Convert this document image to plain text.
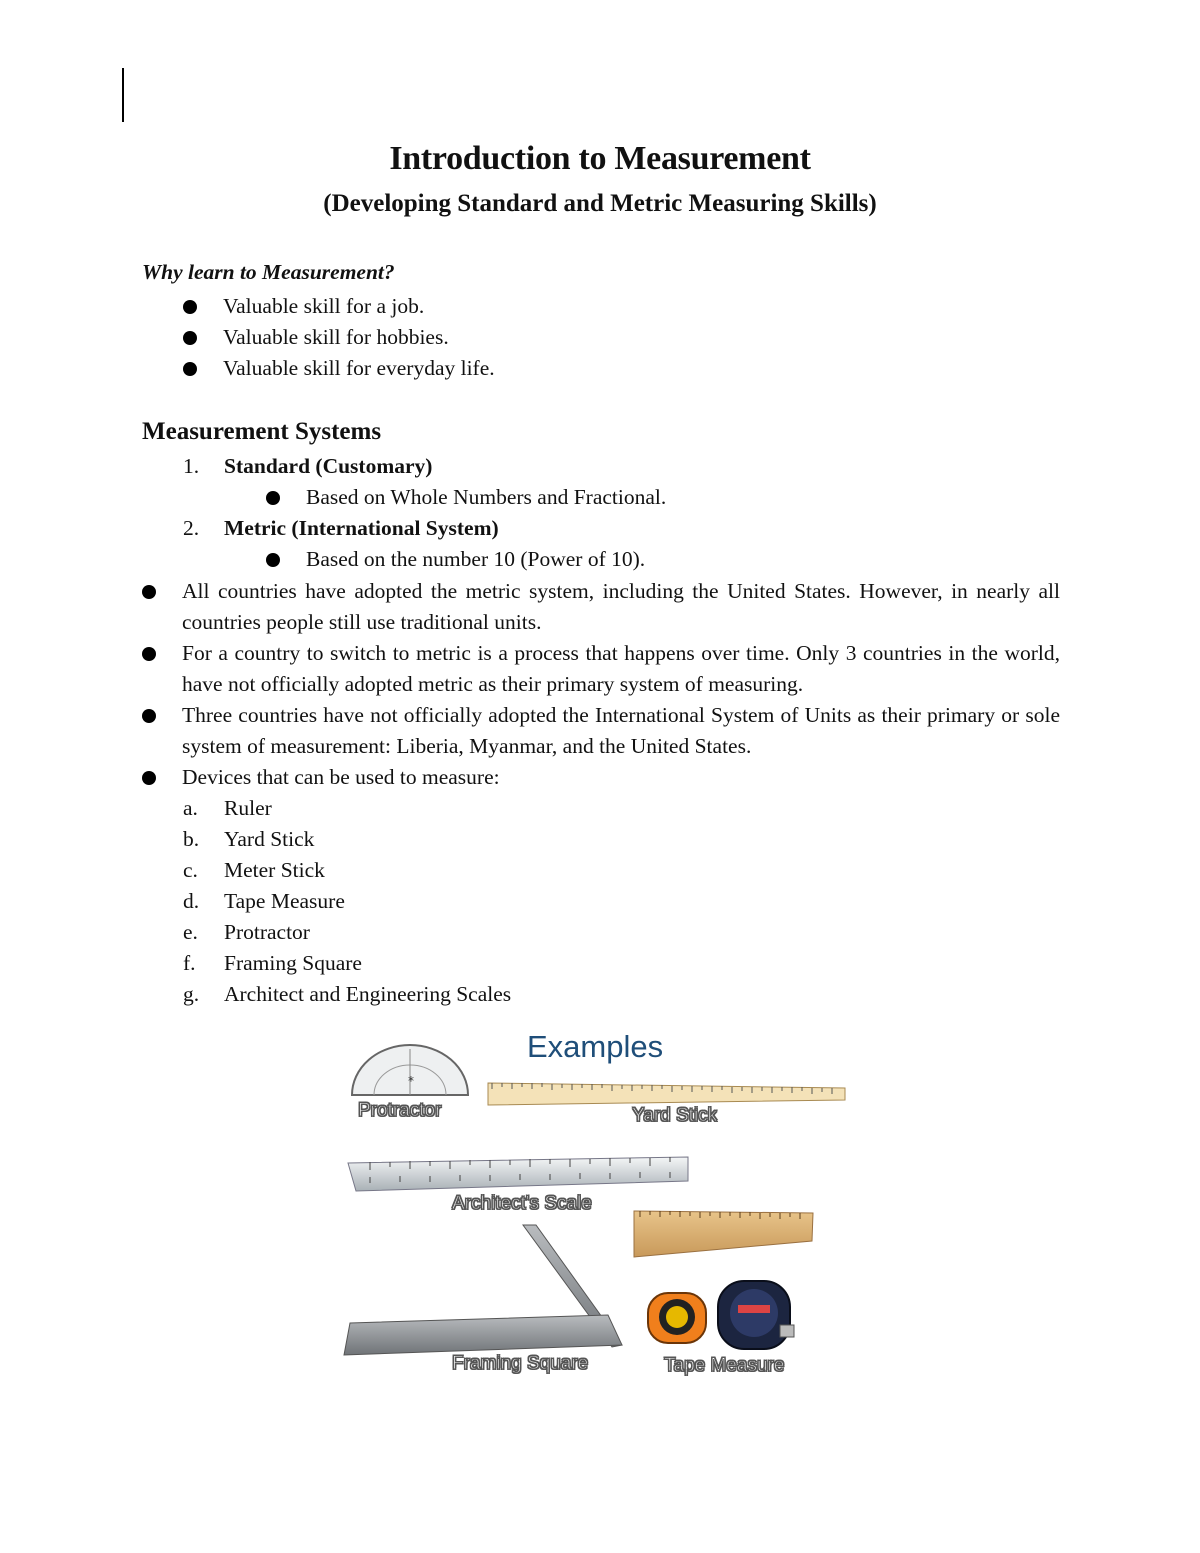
Introduction to Measurement
(Developing Standard and Metric Measuring Skills)
Why learn to Measurement?
Valuable skill for a job.
Valuable skill for hobbies.
Valuable skill for everyday life.
Measurement Systems
1. Standard (Customary)
Based on Whole Numbers and Fractional.
2. Metric (International System)
Based on the number 10 (Power of 10).
All countries have adopted the metric system, including the United States. However, in nearly all countries people still use traditional units.
For a country to switch to metric is a process that happens over time. Only 3 countries in the world, have not officially adopted metric as their primary system of measuring.
Three countries have not officially adopted the International System of Units as their primary or sole system of measurement: Liberia, Myanmar, and the United States.
Devices that can be used to measure:
a. Ruler
b. Yard Stick
c. Meter Stick
d. Tape Measure
e. Protractor
f. Framing Square
g. Architect and Engineering Scales
*
Examples
Protractor	Yard Stick
Architect's Scale
Framing Square	Tape Measure
